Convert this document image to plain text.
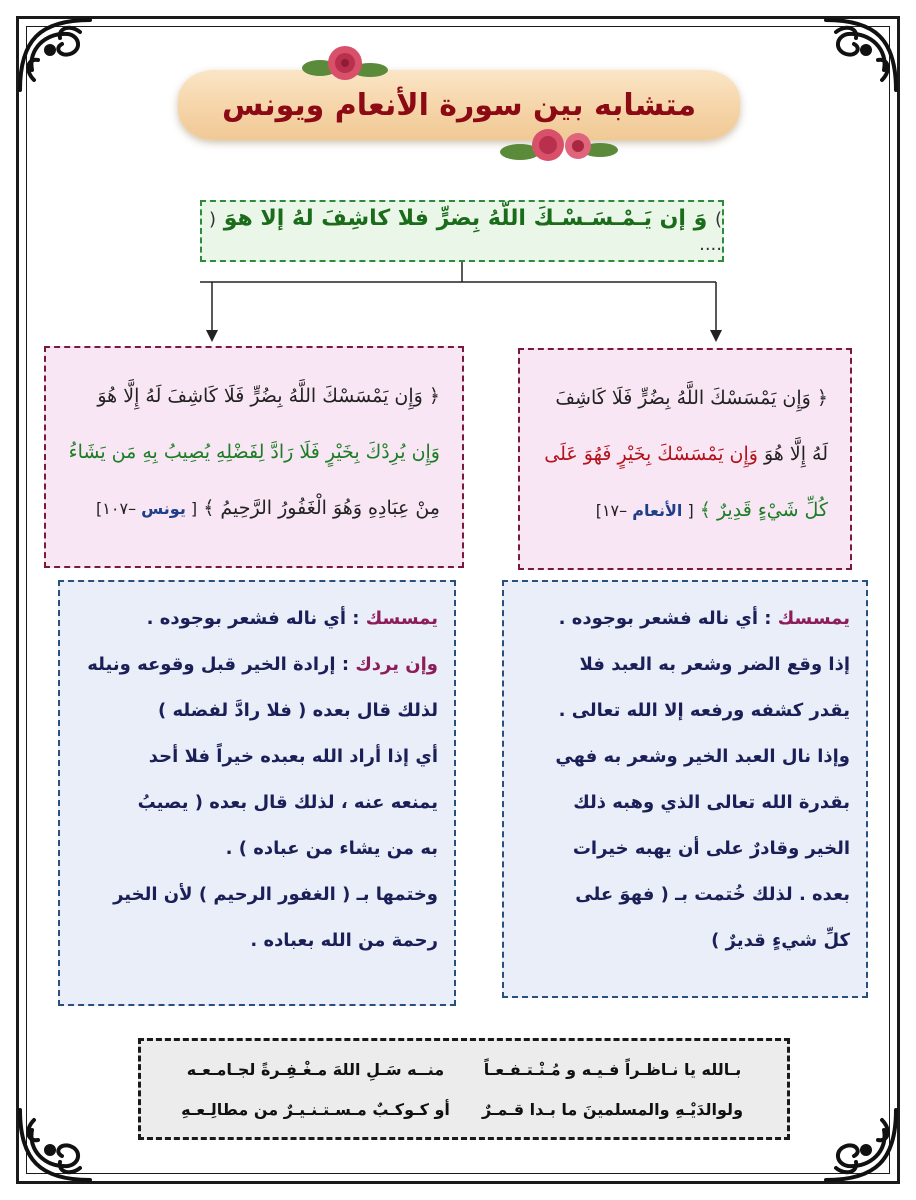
متشابه بين سورة الأنعام ويونس
) وَ إن يَـمْـسَـسْـكَ اللّهُ بِضرٍّ فلا كاشِفَ لهُ إلا هوَ ( ....
﴿ وَإِن يَمْسَسْكَ اللَّهُ بِضُرٍّ فَلَا كَاشِفَ لَهُ إِلَّا هُوَ
وَإِن يُرِدْكَ بِخَيْرٍ فَلَا رَادَّ لِفَضْلِهِ يُصِيبُ بِهِ مَن يَشَاءُ
مِنْ عِبَادِهِ وَهُوَ الْغَفُورُ الرَّحِيمُ ﴾ [ يونس –١٠٧]
﴿ وَإِن يَمْسَسْكَ اللَّهُ بِضُرٍّ فَلَا كَاشِفَ
لَهُ إِلَّا هُوَ وَإِن يَمْسَسْكَ بِخَيْرٍ فَهُوَ عَلَى
كُلِّ شَيْءٍ قَدِيرٌ ﴾ [ الأنعام –١٧]

يمسسك : أي ناله فشعر بوجوده .

وإن يردك : إرادة الخير قبل وقوعه ونيله

لذلك قال بعده ( فلا رادَّ لفضله )

أي إذا أراد الله بعبده خيراً فلا أحد

يمنعه عنه ، لذلك قال بعده ( يصيبُ

به من يشاء من عباده ) .

وختمها بـ ( الغفور الرحيم ) لأن الخير

رحمة من الله بعباده .

يمسسك : أي ناله فشعر بوجوده .

إذا وقع الضر وشعر به العبد فلا

يقدر كشفه ورفعه إلا الله تعالى .

وإذا نال العبد الخير وشعر به فهي

بقدرة الله تعالى الذي وهبه ذلك

الخير وقادرٌ على أن يهبه خيرات

بعده . لذلك خُتمت بـ ( فهوَ على

كلِّ شيءٍ قديرٌ )

بـالله يا نـاظـراً فـيـه و مُـنْـتـفـعـاً
منــه سَـلِ اللهَ مـغْـفِـرةً لجـامـعـه
ولوالدَيْـهِ والمسلمينَ ما بـدا قـمـرٌ
أو كـوكـبٌ مـسـتـنـيـرٌ من مطالِـعـهِ
